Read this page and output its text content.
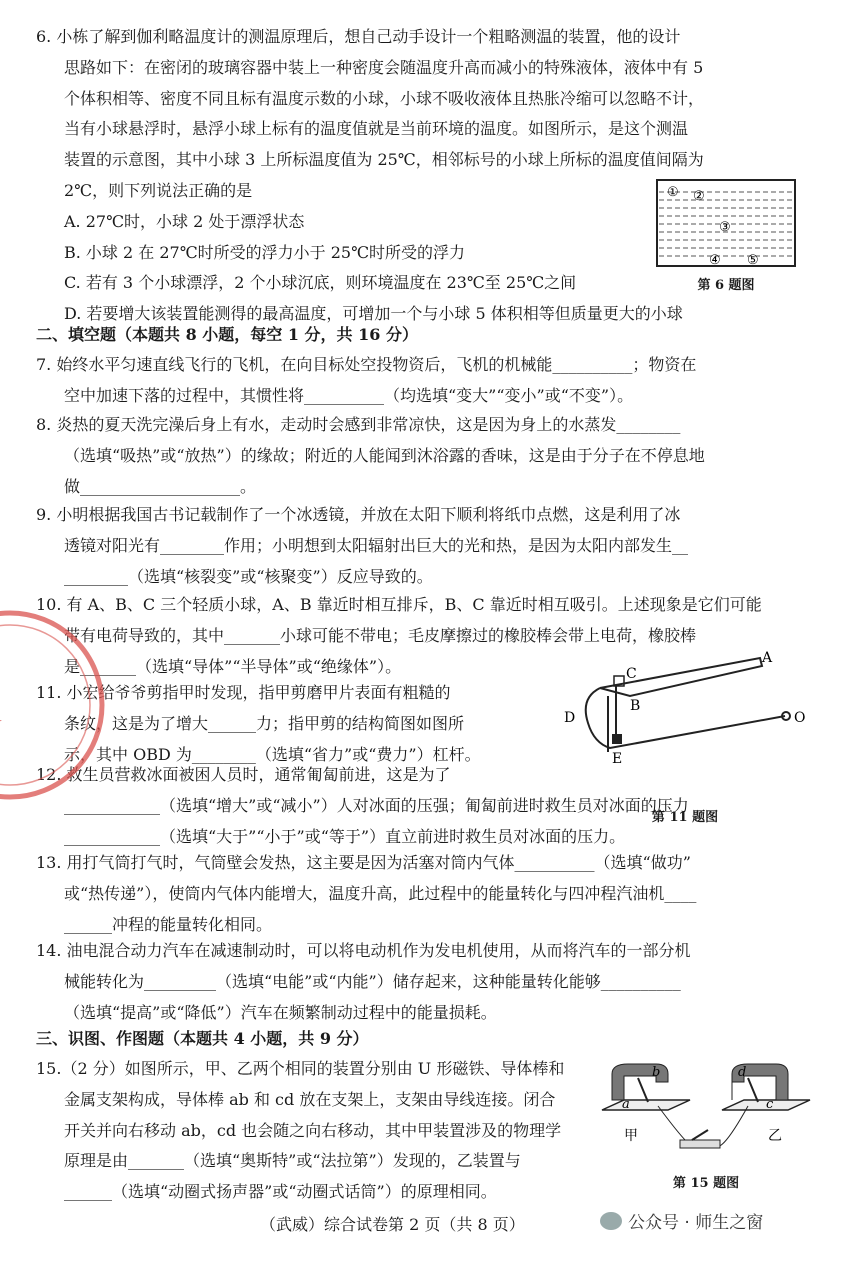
6. 小栋了解到伽利略温度计的测温原理后，想自己动手设计一个粗略测温的装置，他的设计

思路如下：在密闭的玻璃容器中装上一种密度会随温度升高而减小的特殊液体，液体中有 5

个体积相等、密度不同且标有温度示数的小球，小球不吸收液体且热胀冷缩可以忽略不计，

当有小球悬浮时，悬浮小球上标有的温度值就是当前环境的温度。如图所示，是这个测温

装置的示意图，其中小球 3 上所标温度值为 25℃，相邻标号的小球上所标的温度值间隔为

2℃，则下列说法正确的是

A. 27℃时，小球 2 处于漂浮状态

B. 小球 2 在 27℃时所受的浮力小于 25℃时所受的浮力

C. 若有 3 个小球漂浮，2 个小球沉底，则环境温度在 23℃至 25℃之间

D. 若要增大该装置能测得的最高温度，可增加一个与小球 5 体积相等但质量更大的小球

① ②
③
④ ⑤
第 6 题图
二、填空题（本题共 8 小题，每空 1 分，共 16 分）

7. 始终水平匀速直线飞行的飞机，在向目标处空投物资后，飞机的机械能__________；物资在

空中加速下落的过程中，其惯性将__________（均选填“变大”“变小”或“不变”）。

8. 炎热的夏天洗完澡后身上有水，走动时会感到非常凉快，这是因为身上的水蒸发________

（选填“吸热”或“放热”）的缘故；附近的人能闻到沐浴露的香味，这是由于分子在不停息地

做____________________。

9. 小明根据我国古书记载制作了一个冰透镜，并放在太阳下顺利将纸巾点燃，这是利用了冰

透镜对阳光有________作用；小明想到太阳辐射出巨大的光和热，是因为太阳内部发生__

________（选填“核裂变”或“核聚变”）反应导致的。

10. 有 A、B、C 三个轻质小球，A、B 靠近时相互排斥，B、C 靠近时相互吸引。上述现象是它们可能

带有电荷导致的，其中_______小球可能不带电；毛皮摩擦过的橡胶棒会带上电荷，橡胶棒

是_______（选填“导体”“半导体”或“绝缘体”）。

11. 小宏给爷爷剪指甲时发现，指甲剪磨甲片表面有粗糙的

条纹，这是为了增大______力；指甲剪的结构简图如图所

示，其中 OBD 为________（选填“省力”或“费力”）杠杆。

A
B
C
D
E
O
第 11 题图

12. 救生员营救冰面被困人员时，通常匍匐前进，这是为了

____________（选填“增大”或“减小”）人对冰面的压强；匍匐前进时救生员对冰面的压力

____________（选填“大于”“小于”或“等于”）直立前进时救生员对冰面的压力。

13. 用打气筒打气时，气筒壁会发热，这主要是因为活塞对筒内气体__________（选填“做功”

或“热传递”），使筒内气体内能增大，温度升高，此过程中的能量转化与四冲程汽油机____

______冲程的能量转化相同。

14. 油电混合动力汽车在减速制动时，可以将电动机作为发电机使用，从而将汽车的一部分机

械能转化为_________（选填“电能”或“内能”）储存起来，这种能量转化能够__________

（选填“提高”或“降低”）汽车在频繁制动过程中的能量损耗。

三、识图、作图题（本题共 4 小题，共 9 分）

15.（2 分）如图所示，甲、乙两个相同的装置分别由 U 形磁铁、导体棒和

金属支架构成，导体棒 ab 和 cd 放在支架上，支架由导线连接。闭合

开关并向右移动 ab，cd 也会随之向右移动，其中甲装置涉及的物理学

原理是由_______（选填“奥斯特”或“法拉第”）发现的，乙装置与

______（选填“动圈式扬声器”或“动圈式话筒”）的原理相同。

b
a
d
c
甲	乙
第 15 题图
（武威）综合试卷第 2 页（共 8 页）	公众号 · 师生之窗
